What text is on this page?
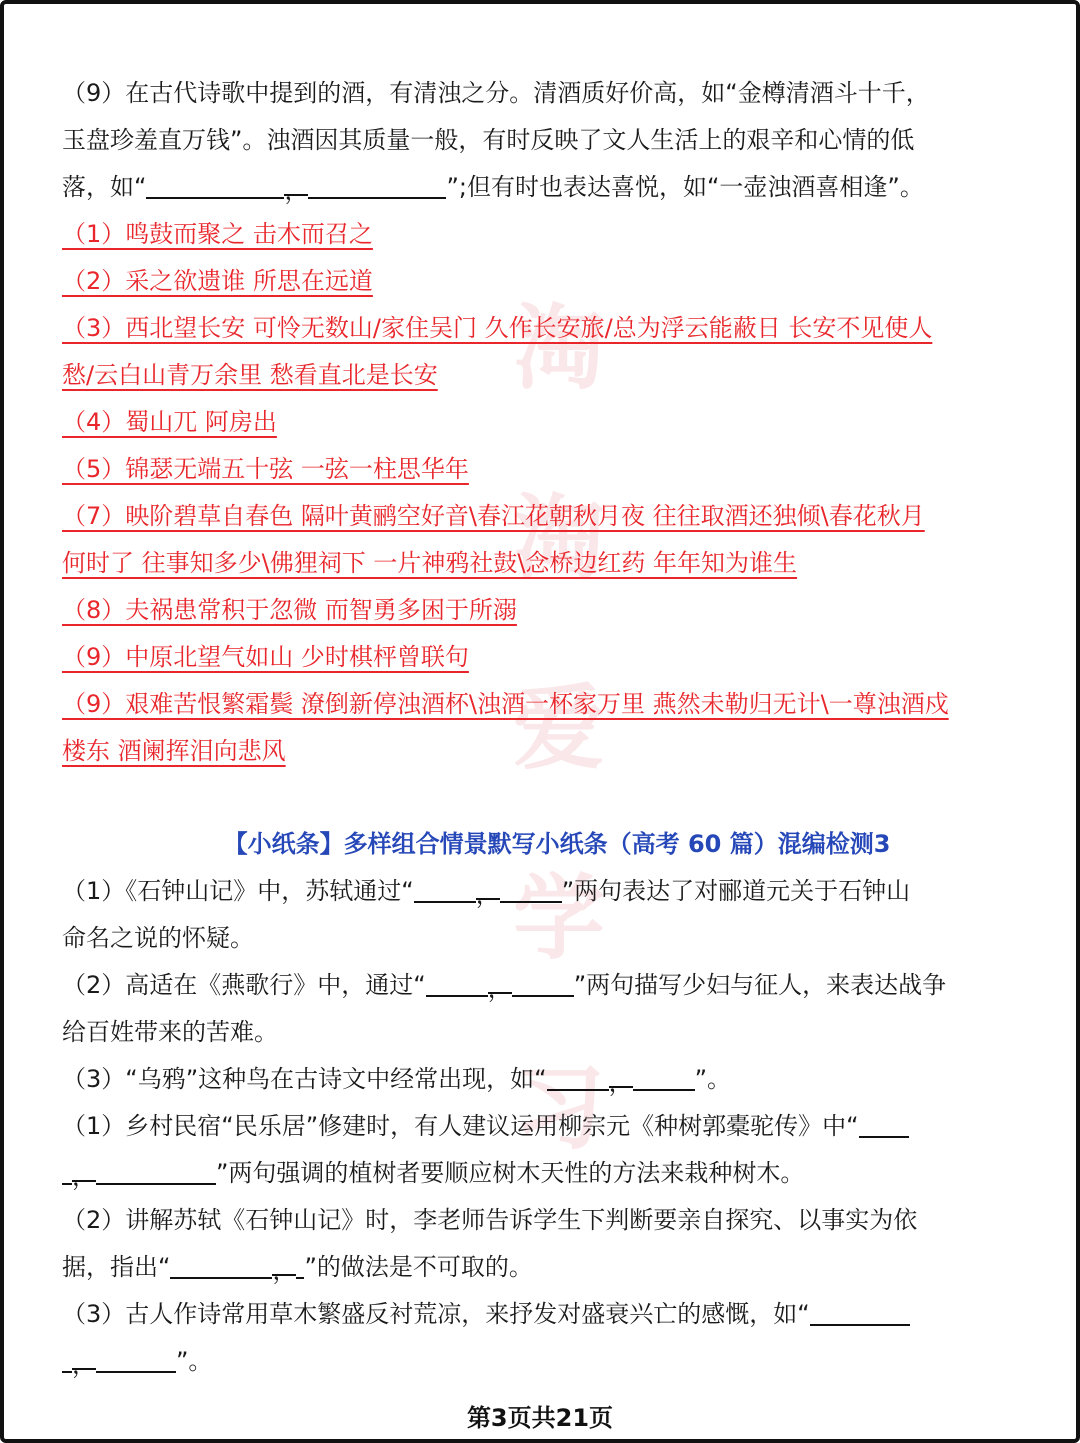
淘
淘
爱
学
习
（9）在古代诗歌中提到的酒，有清浊之分。清酒质好价高，如“金樽清酒斗十千，
玉盘珍羞直万钱”。浊酒因其质量一般，有时反映了文人生活上的艰辛和心情的低
落，如“	，	”;但有时也表达喜悦，如“一壶浊酒喜相逢”。
（1）鸣鼓而聚之 击木而召之
（2）采之欲遗谁 所思在远道
（3）西北望长安 可怜无数山/家住吴门 久作长安旅/总为浮云能蔽日 长安不见使人
愁/云白山青万余里 愁看直北是长安
（4）蜀山兀 阿房出
（5）锦瑟无端五十弦 一弦一柱思华年
（7）映阶碧草自春色 隔叶黄鹂空好音\春江花朝秋月夜 往往取酒还独倾\春花秋月
何时了 往事知多少\佛狸祠下 一片神鸦社鼓\念桥边红药 年年知为谁生
（8）夫祸患常积于忽微 而智勇多困于所溺
（9）中原北望气如山 少时棋枰曾联句
（9）艰难苦恨繁霜鬓 潦倒新停浊酒杯\浊酒一杯家万里 燕然未勒归无计\一尊浊酒戍
楼东 酒阑挥泪向悲风
【小纸条】多样组合情景默写小纸条（高考 60 篇）混编检测3
（1）《石钟山记》中，苏轼通过“	，	”两句表达了对郦道元关于石钟山
命名之说的怀疑。
（2）高适在《燕歌行》中，通过“	，	”两句描写少妇与征人，来表达战争
给百姓带来的苦难。
（3）“乌鸦”这种鸟在古诗文中经常出现，如“	，	”。
（1）乡村民宿“民乐居”修建时，有人建议运用柳宗元《种树郭橐驼传》中“
，	”两句强调的植树者要顺应树木天性的方法来栽种树木。
（2）讲解苏轼《石钟山记》时，李老师告诉学生下判断要亲自探究、以事实为依
据，指出“	， ”的做法是不可取的。
（3）古人作诗常用草木繁盛反衬荒凉，来抒发对盛衰兴亡的感慨，如“
，	”。
第3页共21页
